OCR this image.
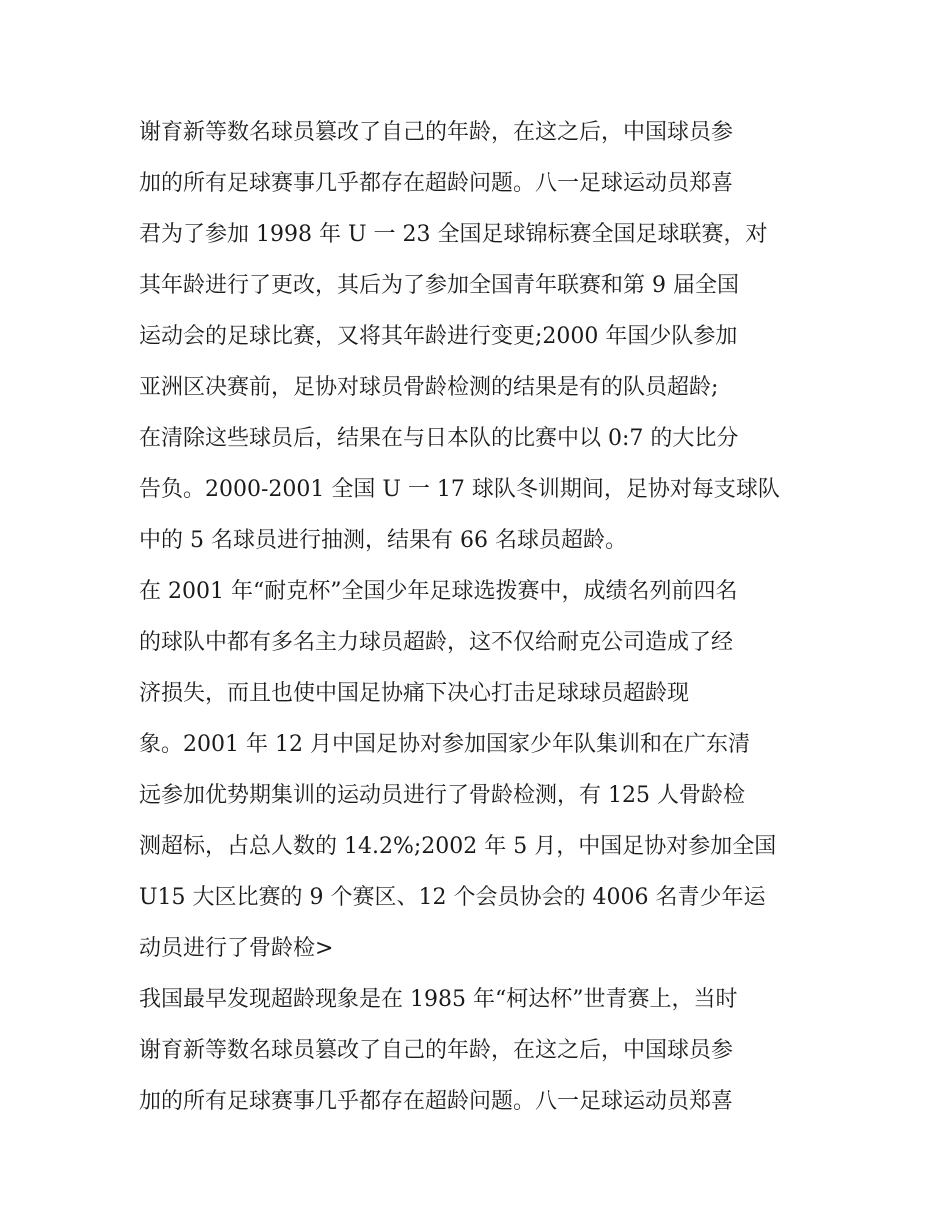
谢育新等数名球员篡改了自己的年龄，在这之后，中国球员参
加的所有足球赛事几乎都存在超龄问题。八一足球运动员郑喜
君为了参加 1998 年 U 一 23 全国足球锦标赛全国足球联赛，对
其年龄进行了更改，其后为了参加全国青年联赛和第 9 届全国
运动会的足球比赛，又将其年龄进行变更;2000 年国少队参加
亚洲区决赛前，足协对球员骨龄检测的结果是有的队员超龄;
在清除这些球员后，结果在与日本队的比赛中以 0:7 的大比分
告负。2000-2001 全国 U 一 17 球队冬训期间，足协对每支球队
中的 5 名球员进行抽测，结果有 66 名球员超龄。
在 2001 年“耐克杯”全国少年足球选拨赛中，成绩名列前四名
的球队中都有多名主力球员超龄，这不仅给耐克公司造成了经
济损失，而且也使中国足协痛下决心打击足球球员超龄现
象。2001 年 12 月中国足协对参加国家少年队集训和在广东清
远参加优势期集训的运动员进行了骨龄检测，有 125 人骨龄检
测超标，占总人数的 14.2%;2002 年 5 月，中国足协对参加全国
U15 大区比赛的 9 个赛区、12 个会员协会的 4006 名青少年运
动员进行了骨龄检>
我国最早发现超龄现象是在 1985 年“柯达杯”世青赛上，当时
谢育新等数名球员篡改了自己的年龄，在这之后，中国球员参
加的所有足球赛事几乎都存在超龄问题。八一足球运动员郑喜
